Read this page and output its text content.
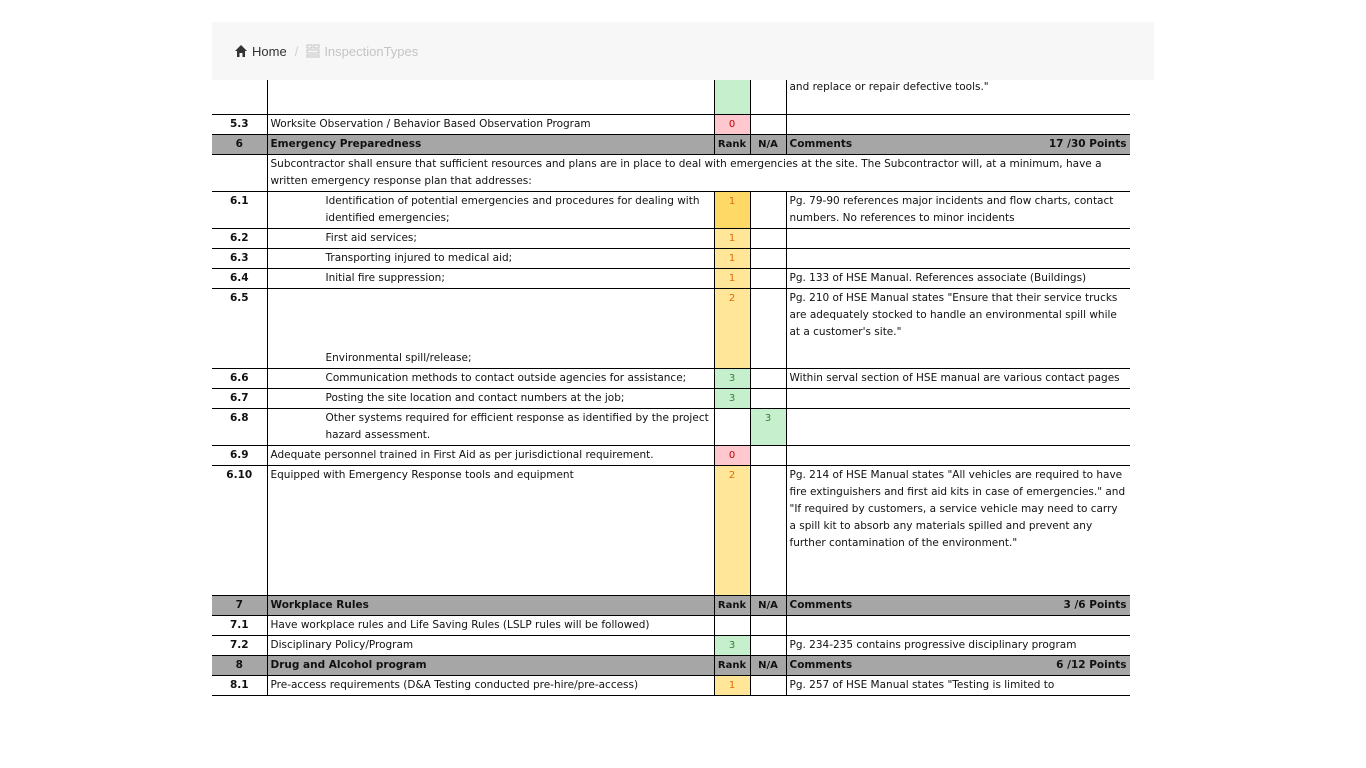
Home / InspectionTypes
				and replace or repair defective tools."
5.3	Worksite Observation / Behavior Based Observation Program	0		
6	Emergency Preparedness	Rank	N/A	Comments 17 /30 Points

	Subcontractor shall ensure that sufficient resources and plans are in place to deal with emergencies at the site. The Subcontractor will, at a minimum, have a written emergency response plan that addresses:			
6.1	Identification of potential emergencies and procedures for dealing with identified emergencies;	1		Pg. 79-90 references major incidents and flow charts, contact numbers. No references to minor incidents
6.2	First aid services;	1		
6.3	Transporting injured to medical aid;	1		
6.4	Initial fire suppression;	1		Pg. 133 of HSE Manual. References associate (Buildings)
6.5	Environmental spill/release;	2		Pg. 210 of HSE Manual states "Ensure that their service trucks are adequately stocked to handle an environmental spill while at a customer's site."
6.6	Communication methods to contact outside agencies for assistance;	3		Within serval section of HSE manual are various contact pages
6.7	Posting the site location and contact numbers at the job;	3		
6.8	Other systems required for efficient response as identified by the project hazard assessment.		3	
6.9	Adequate personnel trained in First Aid as per jurisdictional requirement.	0		
6.10	Equipped with Emergency Response tools and equipment	2		Pg. 214 of HSE Manual states "All vehicles are required to have fire extinguishers and first aid kits in case of emergencies." and "If required by customers, a service vehicle may need to carry a spill kit to absorb any materials spilled and prevent any further contamination of the environment."
7	Workplace Rules	Rank	N/A	Comments 3 /6 Points

7.1	Have workplace rules and Life Saving Rules (LSLP rules will be followed)			
7.2	Disciplinary Policy/Program	3		Pg. 234-235 contains progressive disciplinary program
8	Drug and Alcohol program	Rank	N/A	Comments 6 /12 Points

8.1	Pre-access requirements (D&A Testing conducted pre-hire/pre-access)	1		Pg. 257 of HSE Manual states "Testing is limited to
